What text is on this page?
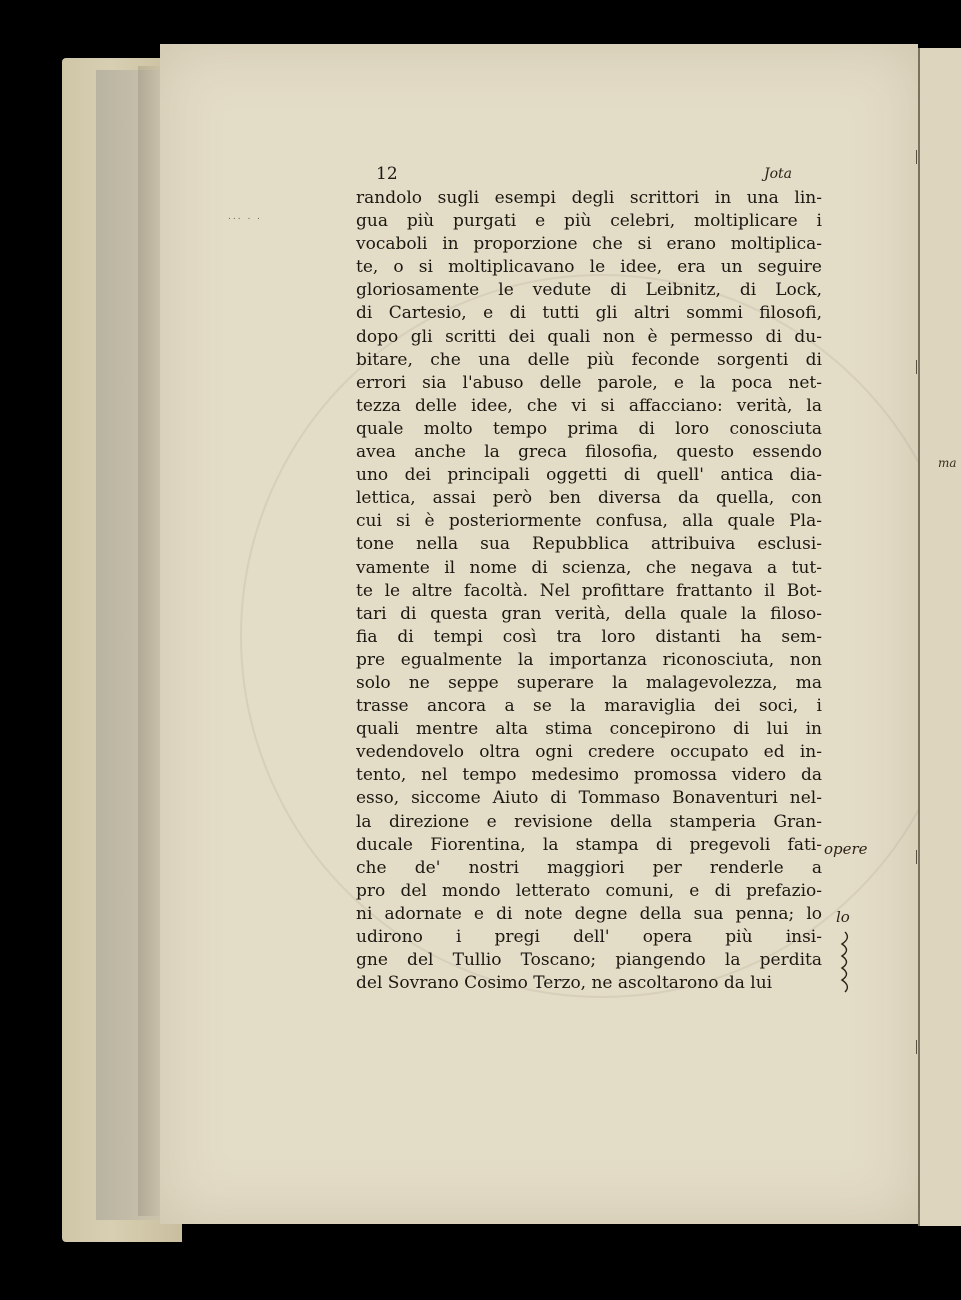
ma
... . .
12	Jota
randolo sugli esempi degli scrittori in una lin-
gua più purgati e più celebri, moltiplicare i
vocaboli in proporzione che si erano moltiplica-
te, o si moltiplicavano le idee, era un seguire
gloriosamente le vedute di Leibnitz, di Lock,
di Cartesio, e di tutti gli altri sommi filosofi,
dopo gli scritti dei quali non è permesso di du-
bitare, che una delle più feconde sorgenti di
errori sia l'abuso delle parole, e la poca net-
tezza delle idee, che vi si affacciano: verità, la
quale molto tempo prima di loro conosciuta
avea anche la greca filosofia, questo essendo
uno dei principali oggetti di quell' antica dia-
lettica, assai però ben diversa da quella, con
cui si è posteriormente confusa, alla quale Pla-
tone nella sua Repubblica attribuiva esclusi-
vamente il nome di scienza, che negava a tut-
te le altre facoltà. Nel profittare frattanto il Bot-
tari di questa gran verità, della quale la filoso-
fia di tempi così tra loro distanti ha sem-
pre egualmente la importanza riconosciuta, non
solo ne seppe superare la malagevolezza, ma
trasse ancora a se la maraviglia dei soci, i
quali mentre alta stima concepirono di lui in
vedendovelo oltra ogni credere occupato ed in-
tento, nel tempo medesimo promossa videro da
esso, siccome Aiuto di Tommaso Bonaventuri nel-
la direzione e revisione della stamperia Gran-
ducale Fiorentina, la stampa di pregevoli fati-
che de' nostri maggiori per renderle a
pro del mondo letterato comuni, e di prefazio-
ni adornate e di note degne della sua penna; lo
udirono i pregi dell' opera più insi-
gne del Tullio Toscano; piangendo la perdita
del Sovrano Cosimo Terzo, ne ascoltarono da lui
opere
lo
